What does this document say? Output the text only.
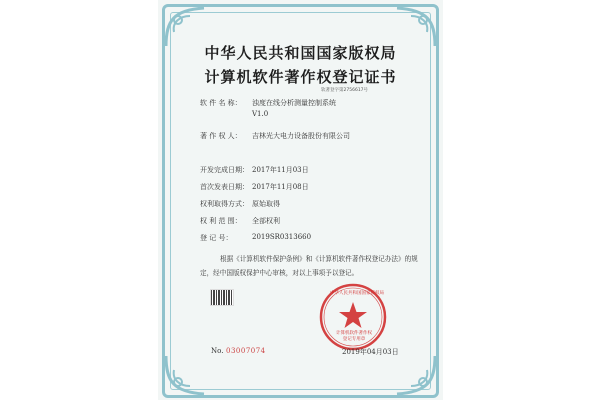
中华人民共和国国家版权局
计算机软件著作权登记证书
软著登字第2756617号
软 件 名 称： 浊度在线分析测量控制系统
V1.0
著 作 权 人： 吉林光大电力设备股份有限公司
开发完成日期： 2017年11月03日
首次发表日期： 2017年11月08日
权利取得方式： 原始取得
权 利 范 围： 全部权利
登 记 号：	2019SR0313660
根据《计算机软件保护条例》和《计算机软件著作权登记办法》的规定，经中国版权保护中心审核，对以上事项予以登记。
中华人民共和国国家版权局
计算机软件著作权
登记专用章
No. 03007074	2019年04月03日
